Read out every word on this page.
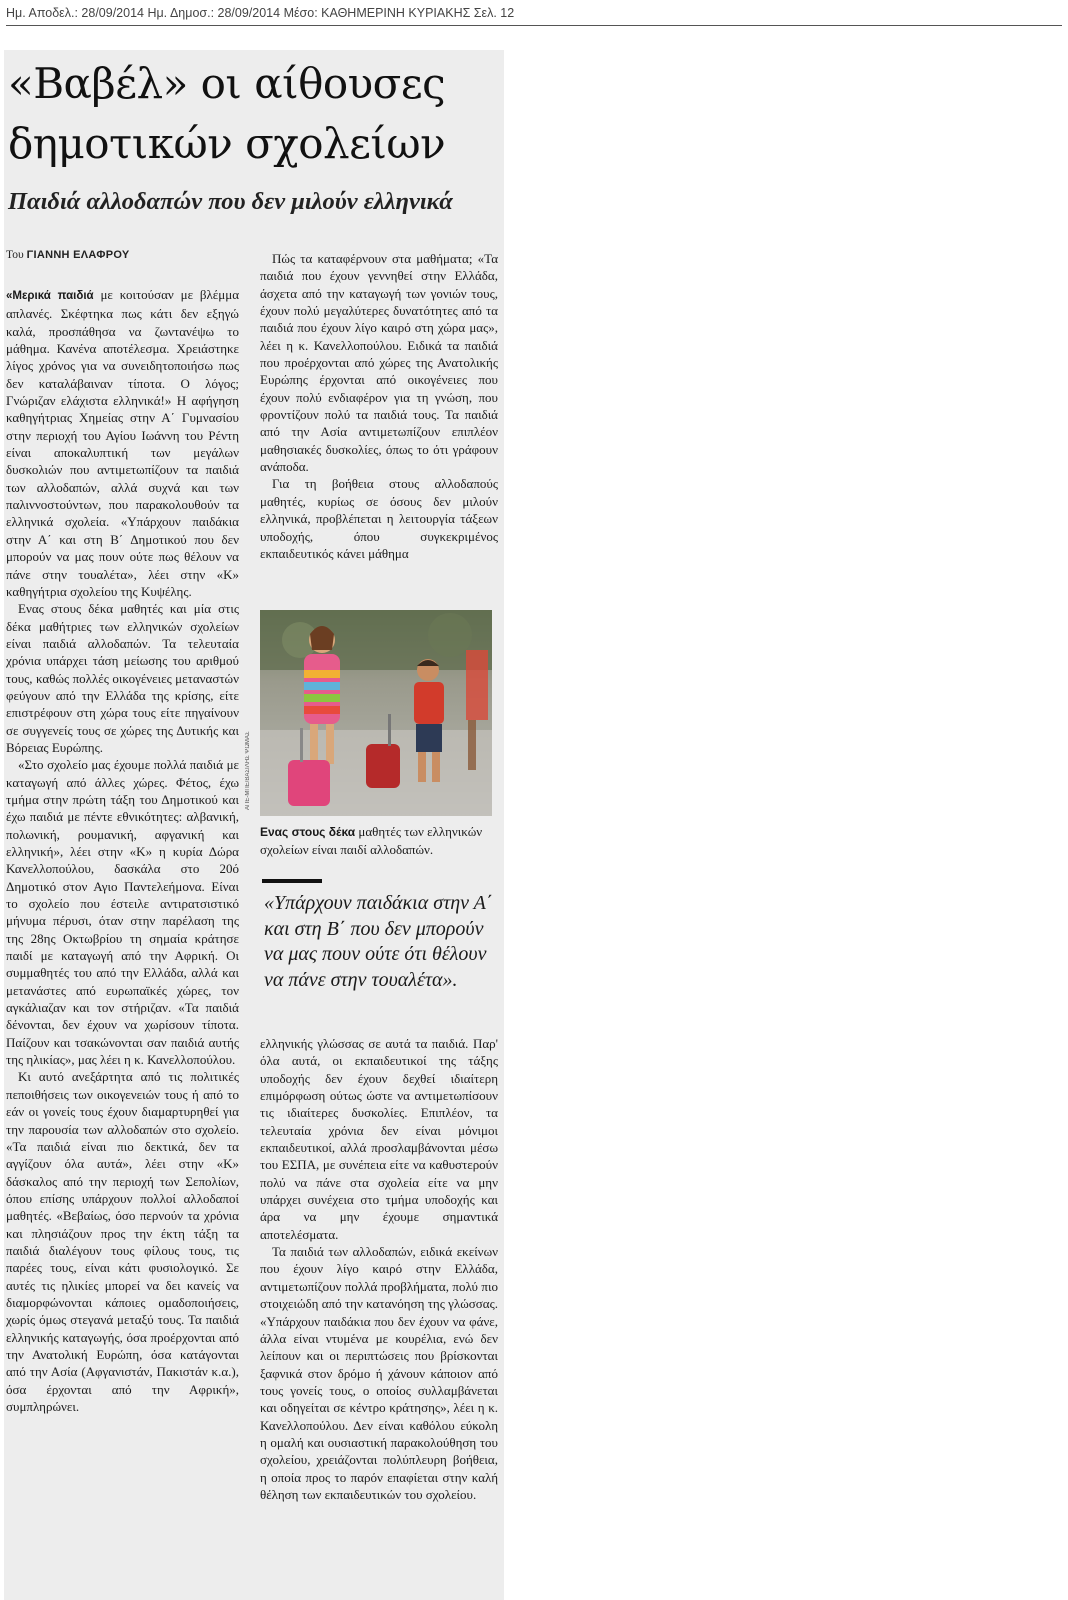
Ημ. Αποδελ.: 28/09/2014 Ημ. Δημοσ.: 28/09/2014 Μέσο: ΚΑΘΗΜΕΡΙΝΗ ΚΥΡΙΑΚΗΣ Σελ. 12
«Βαβέλ» οι αίθουσες δημοτικών σχολείων
Παιδιά αλλοδαπών που δεν μιλούν ελληνικά
Του ΓΙΑΝΝΗ ΕΛΑΦΡΟΥ

«Μερικά παιδιά με κοιτούσαν με βλέμμα απλανές. Σκέφτηκα πως κάτι δεν εξηγώ καλά, προσπάθησα να ζωντανέψω το μάθημα. Κανένα αποτέλεσμα. Χρειάστηκε λίγος χρόνος για να συνειδητοποιήσω πως δεν καταλάβαιναν τίποτα. Ο λόγος; Γνώριζαν ελάχιστα ελληνικά!» Η αφήγηση καθηγήτριας Χημείας στην Α΄ Γυμνασίου στην περιοχή του Αγίου Ιωάννη του Ρέντη είναι αποκαλυπτική των μεγάλων δυσκολιών που αντιμετωπίζουν τα παιδιά των αλλοδαπών, αλλά συχνά και των παλιννοστούντων, που παρακολουθούν τα ελληνικά σχολεία. «Υπάρχουν παιδάκια στην Α΄ και στη Β΄ Δημοτικού που δεν μπορούν να μας πουν ούτε πως θέλουν να πάνε στην τουαλέτα», λέει στην «Κ» καθηγήτρια σχολείου της Κυψέλης.

Ενας στους δέκα μαθητές και μία στις δέκα μαθήτριες των ελληνικών σχολείων είναι παιδιά αλλοδαπών. Τα τελευταία χρόνια υπάρχει τάση μείωσης του αριθμού τους, καθώς πολλές οικογένειες μεταναστών φεύγουν από την Ελλάδα της κρίσης, είτε επιστρέφουν στη χώρα τους είτε πηγαίνουν σε συγγενείς τους σε χώρες της Δυτικής και Βόρειας Ευρώπης.

«Στο σχολείο μας έχουμε πολλά παιδιά με καταγωγή από άλλες χώρες. Φέτος, έχω τμήμα στην πρώτη τάξη του Δημοτικού και έχω παιδιά με πέντε εθνικότητες: αλβανική, πολωνική, ρουμανική, αφγανική και ελληνική», λέει στην «Κ» η κυρία Δώρα Κανελλοπούλου, δασκάλα στο 20ό Δημοτικό στον Αγιο Παντελεήμονα. Είναι το σχολείο που έστειλε αντιρατσιστικό μήνυμα πέρυσι, όταν στην παρέλαση της της 28ης Οκτωβρίου τη σημαία κράτησε παιδί με καταγωγή από την Αφρική. Οι συμμαθητές του από την Ελλάδα, αλλά και μετανάστες από ευρωπαϊκές χώρες, τον αγκάλιαζαν και τον στήριζαν. «Τα παιδιά δένονται, δεν έχουν να χωρίσουν τίποτα. Παίζουν και τσακώνονται σαν παιδιά αυτής της ηλικίας», μας λέει η κ. Κανελλοπούλου.

Κι αυτό ανεξάρτητα από τις πολιτικές πεποιθήσεις των οικογενειών τους ή από το εάν οι γονείς τους έχουν διαμαρτυρηθεί για την παρουσία των αλλοδαπών στο σχολείο. «Τα παιδιά είναι πιο δεκτικά, δεν τα αγγίζουν όλα αυτά», λέει στην «Κ» δάσκαλος από την περιοχή των Σεπολίων, όπου επίσης υπάρχουν πολλοί αλλοδαποί μαθητές. «Βεβαίως, όσο περνούν τα χρόνια και πλησιάζουν προς την έκτη τάξη τα παιδιά διαλέγουν τους φίλους τους, τις παρέες τους, είναι κάτι φυσιολογικό. Σε αυτές τις ηλικίες μπορεί να δει κανείς να διαμορφώνονται κάποιες ομαδοποιήσεις, χωρίς όμως στεγανά μεταξύ τους. Τα παιδιά ελληνικής καταγωγής, όσα προέρχονται από την Ανατολική Ευρώπη, όσα κατάγονται από την Ασία (Αφγανιστάν, Πακιστάν κ.α.), όσα έρχονται από την Αφρική», συμπληρώνει.

Πώς τα καταφέρνουν στα μαθήματα; «Τα παιδιά που έχουν γεννηθεί στην Ελλάδα, άσχετα από την καταγωγή των γονιών τους, έχουν πολύ μεγαλύτερες δυνατότητες από τα παιδιά που έχουν λίγο καιρό στη χώρα μας», λέει η κ. Κανελλοπούλου. Ειδικά τα παιδιά που προέρχονται από χώρες της Ανατολικής Ευρώπης έρχονται από οικογένειες που έχουν πολύ ενδιαφέρον για τη γνώση, που φροντίζουν πολύ τα παιδιά τους. Τα παιδιά από την Ασία αντιμετωπίζουν επιπλέον μαθησιακές δυσκολίες, όπως το ότι γράφουν ανάποδα.

Για τη βοήθεια στους αλλοδαπούς μαθητές, κυρίως σε όσους δεν μιλούν ελληνικά, προβλέπεται η λειτουργία τάξεων υποδοχής, όπου συγκεκριμένος εκπαιδευτικός κάνει μάθημα

ΑΠΕ-ΜΠΕ/ΒΑΣΙΛΗΣ ΨΩΜΑΣ
Ενας στους δέκα μαθητές των ελληνικών σχολείων είναι παιδί αλλοδαπών.
«Υπάρχουν παιδάκια στην Α΄ και στη Β΄ που δεν μπορούν να μας πουν ούτε ότι θέλουν να πάνε στην τουαλέτα».

ελληνικής γλώσσας σε αυτά τα παιδιά. Παρ' όλα αυτά, οι εκπαιδευτικοί της τάξης υποδοχής δεν έχουν δεχθεί ιδιαίτερη επιμόρφωση ούτως ώστε να αντιμετωπίσουν τις ιδιαίτερες δυσκολίες. Επιπλέον, τα τελευταία χρόνια δεν είναι μόνιμοι εκπαιδευτικοί, αλλά προσλαμβάνονται μέσω του ΕΣΠΑ, με συνέπεια είτε να καθυστερούν πολύ να πάνε στα σχολεία είτε να μην υπάρχει συνέχεια στο τμήμα υποδοχής και άρα να μην έχουμε σημαντικά αποτελέσματα.

Τα παιδιά των αλλοδαπών, ειδικά εκείνων που έχουν λίγο καιρό στην Ελλάδα, αντιμετωπίζουν πολλά προβλήματα, πολύ πιο στοιχειώδη από την κατανόηση της γλώσσας. «Υπάρχουν παιδάκια που δεν έχουν να φάνε, άλλα είναι ντυμένα με κουρέλια, ενώ δεν λείπουν και οι περιπτώσεις που βρίσκονται ξαφνικά στον δρόμο ή χάνουν κάποιον από τους γονείς τους, ο οποίος συλλαμβάνεται και οδηγείται σε κέντρο κράτησης», λέει η κ. Κανελλοπούλου. Δεν είναι καθόλου εύκολη η ομαλή και ουσιαστική παρακολούθηση του σχολείου, χρειάζονται πολύπλευρη βοήθεια, η οποία προς το παρόν επαφίεται στην καλή θέληση των εκπαιδευτικών του σχολείου.
